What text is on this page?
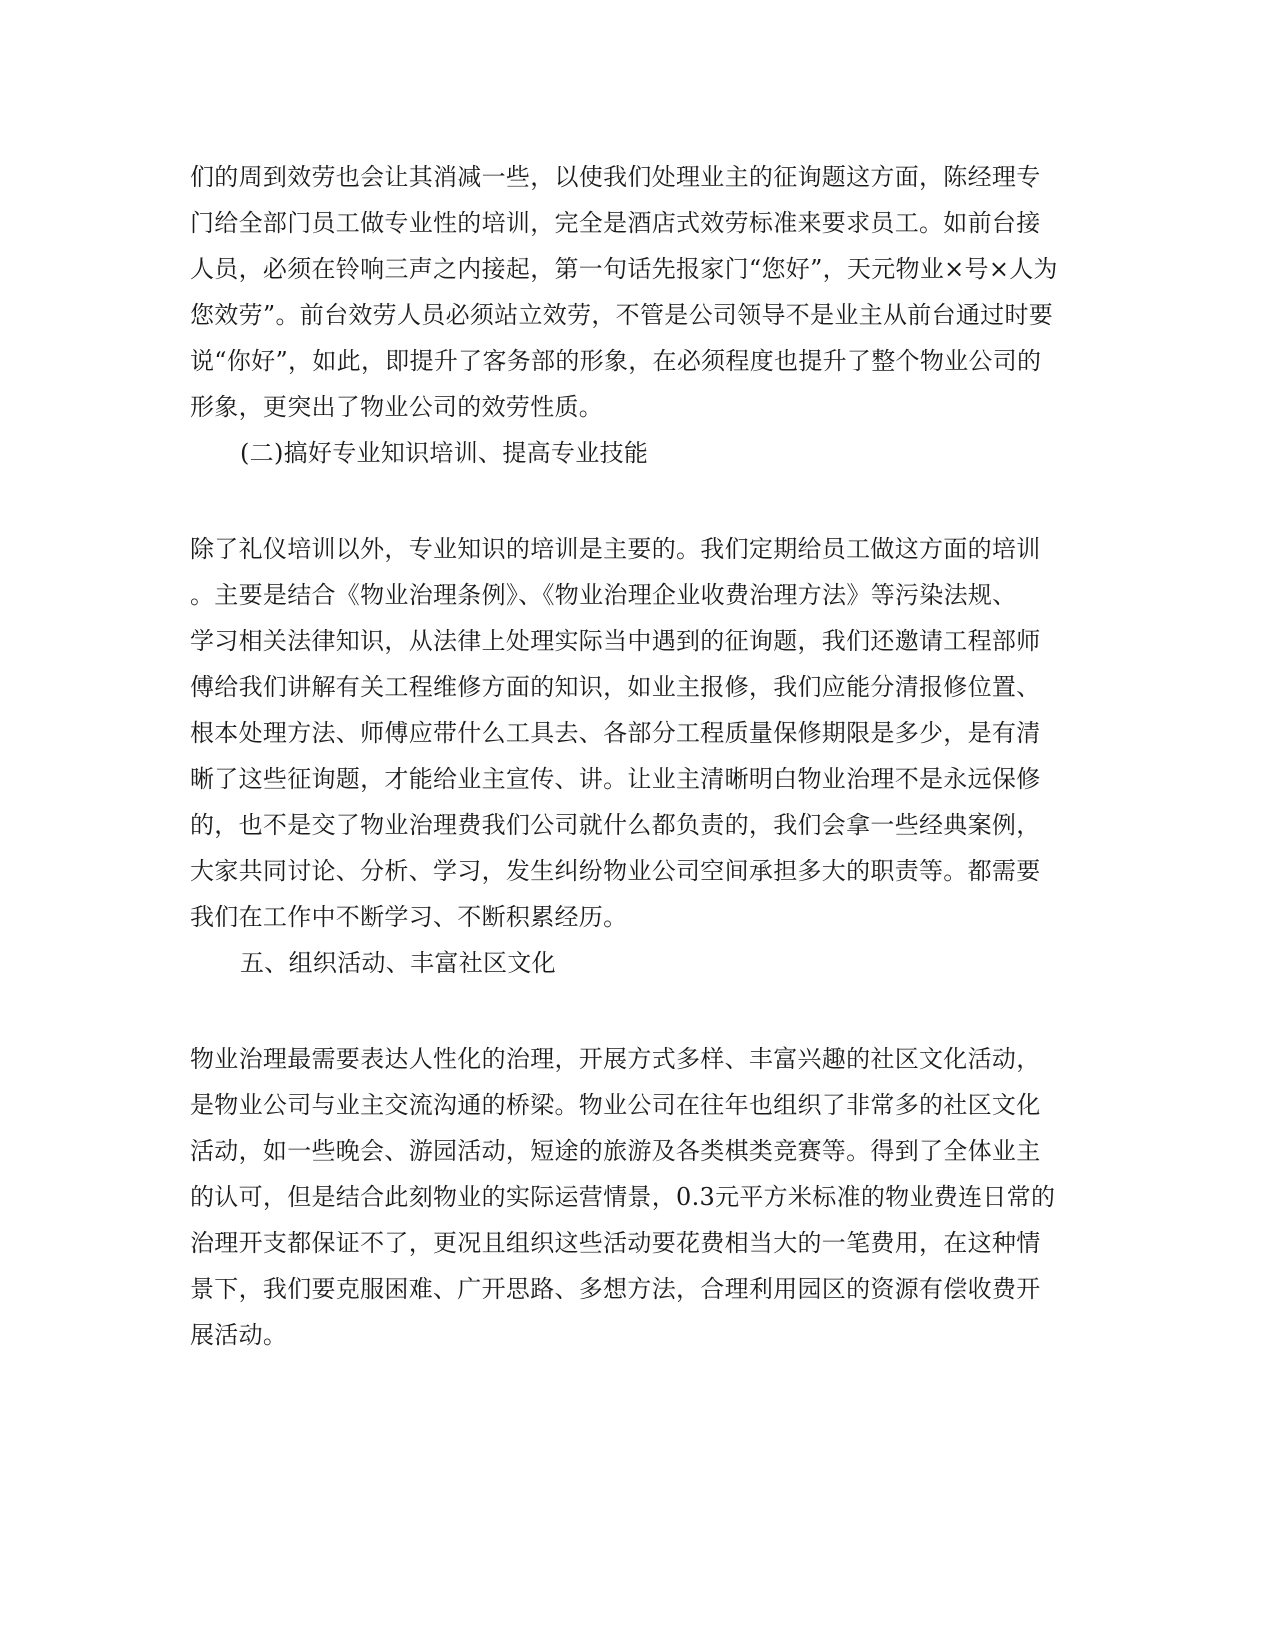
们的周到效劳也会让其消减一些，以使我们处理业主的征询题这方面，陈经理专
门给全部门员工做专业性的培训，完全是酒店式效劳标准来要求员工。如前台接
人员，必须在铃响三声之内接起，第一句话先报家门“您好”，天元物业×号×人为
您效劳”。前台效劳人员必须站立效劳，不管是公司领导不是业主从前台通过时要
说“你好”，如此，即提升了客务部的形象，在必须程度也提升了整个物业公司的
形象，更突出了物业公司的效劳性质。
(二)搞好专业知识培训、提高专业技能
除了礼仪培训以外，专业知识的培训是主要的。我们定期给员工做这方面的培训
。主要是结合《物业治理条例》、《物业治理企业收费治理方法》等污染法规、
学习相关法律知识，从法律上处理实际当中遇到的征询题，我们还邀请工程部师
傅给我们讲解有关工程维修方面的知识，如业主报修，我们应能分清报修位置、
根本处理方法、师傅应带什么工具去、各部分工程质量保修期限是多少，是有清
晰了这些征询题，才能给业主宣传、讲。让业主清晰明白物业治理不是永远保修
的，也不是交了物业治理费我们公司就什么都负责的，我们会拿一些经典案例，
大家共同讨论、分析、学习，发生纠纷物业公司空间承担多大的职责等。都需要
我们在工作中不断学习、不断积累经历。
五、组织活动、丰富社区文化
物业治理最需要表达人性化的治理，开展方式多样、丰富兴趣的社区文化活动，
是物业公司与业主交流沟通的桥梁。物业公司在往年也组织了非常多的社区文化
活动，如一些晚会、游园活动，短途的旅游及各类棋类竞赛等。得到了全体业主
的认可，但是结合此刻物业的实际运营情景，0.3元平方米标准的物业费连日常的
治理开支都保证不了，更况且组织这些活动要花费相当大的一笔费用，在这种情
景下，我们要克服困难、广开思路、多想方法，合理利用园区的资源有偿收费开
展活动。
